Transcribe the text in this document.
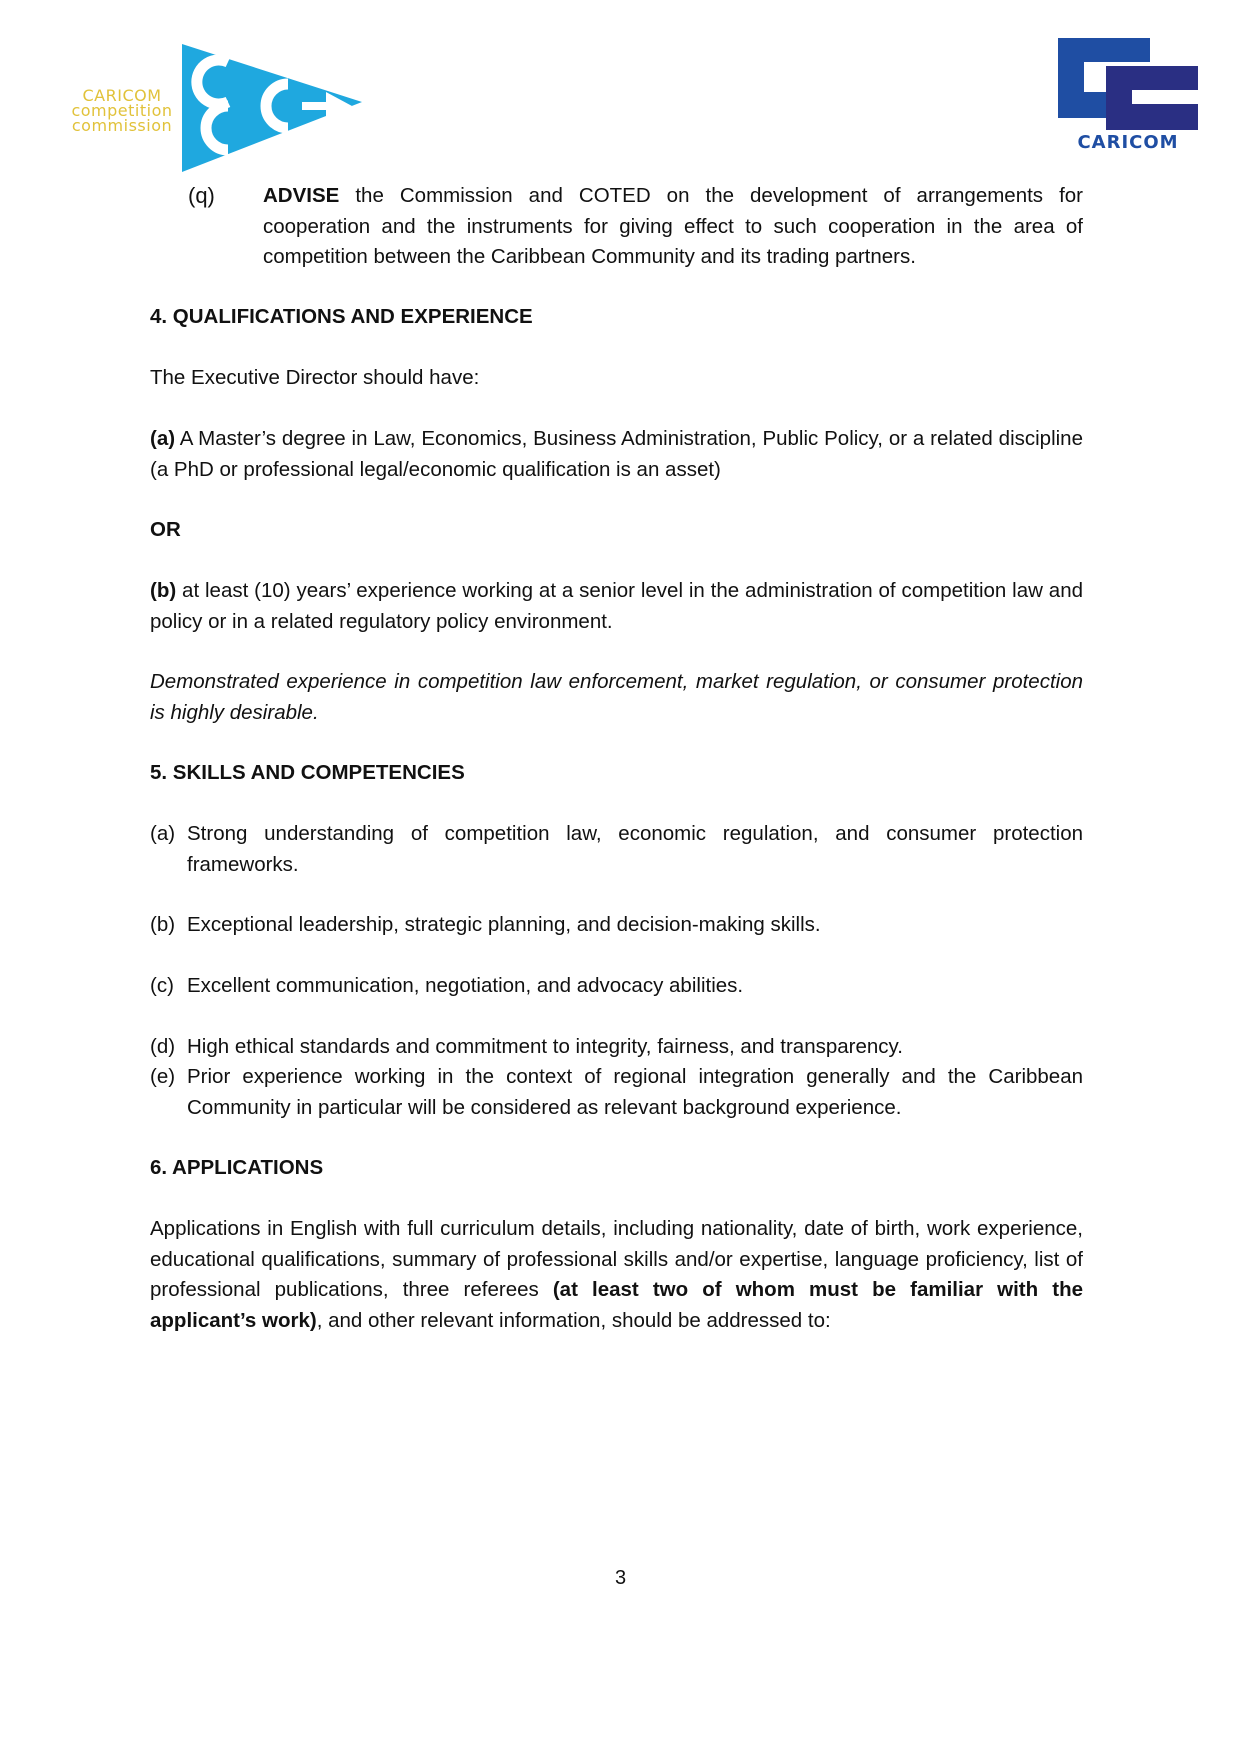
CARICOM
competition
commission
CARICOM
(q) ADVISE the Commission and COTED on the development of arrangements for cooperation and the instruments for giving effect to such cooperation in the area of competition between the Caribbean Community and its trading partners.
4. QUALIFICATIONS AND EXPERIENCE
The Executive Director should have:
(a) A Master’s degree in Law, Economics, Business Administration, Public Policy, or a related discipline (a PhD or professional legal/economic qualification is an asset)
OR
(b) at least (10) years’ experience working at a senior level in the administration of competition law and policy or in a related regulatory policy environment.
Demonstrated experience in competition law enforcement, market regulation, or consumer protection is highly desirable.
5. SKILLS AND COMPETENCIES
(a) Strong understanding of competition law, economic regulation, and consumer protection frameworks.
(b) Exceptional leadership, strategic planning, and decision-making skills.
(c) Excellent communication, negotiation, and advocacy abilities.
(d) High ethical standards and commitment to integrity, fairness, and transparency.
(e) Prior experience working in the context of regional integration generally and the Caribbean Community in particular will be considered as relevant background experience.
6. APPLICATIONS
Applications in English with full curriculum details, including nationality, date of birth, work experience, educational qualifications, summary of professional skills and/or expertise, language proficiency, list of professional publications, three referees (at least two of whom must be familiar with the applicant’s work), and other relevant information, should be addressed to:
3
